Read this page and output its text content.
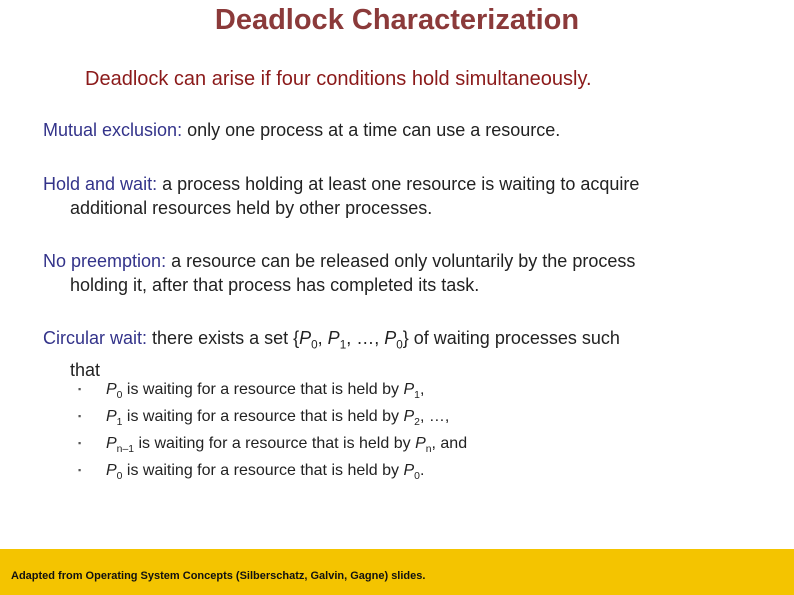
Deadlock Characterization
Deadlock can arise if four conditions hold simultaneously.
Mutual exclusion: only one process at a time can use a resource.
Hold and wait: a process holding at least one resource is waiting to acquire
additional resources held by other processes.
No preemption: a resource can be released only voluntarily by the process
holding it, after that process has completed its task.
Circular wait: there exists a set {$P_0$, $P_1$, …, $P_0$} of waiting processes such
that
▪ $P_0$ is waiting for a resource that is held by $P_1$,
▪ $P_1$ is waiting for a resource that is held by $P_2$, …,
▪ $P_{n-1}$ is waiting for a resource that is held by $P_n$, and
▪ $P_0$ is waiting for a resource that is held by $P_0$.
Adapted from Operating System Concepts (Silberschatz, Galvin, Gagne) slides.
